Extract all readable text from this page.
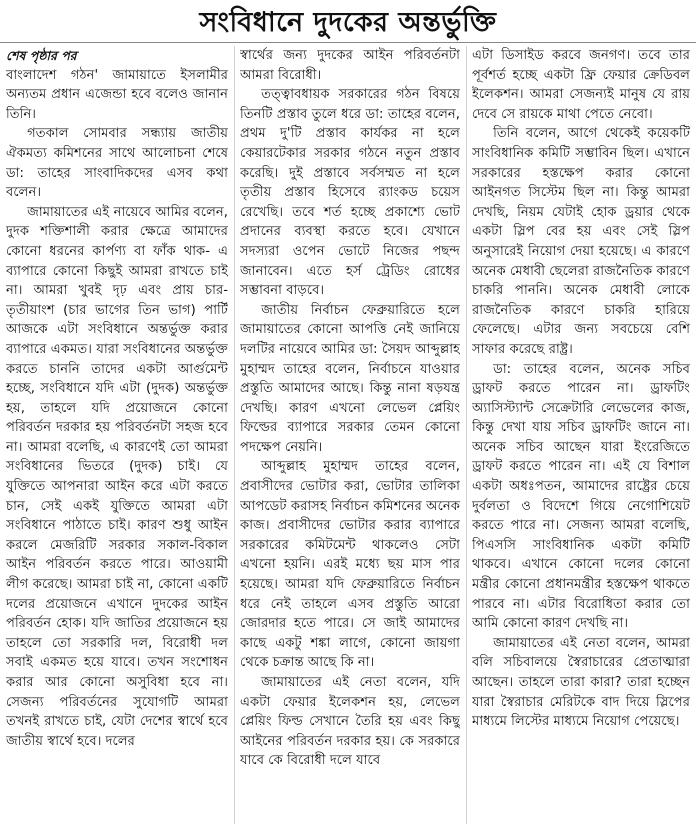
সংবিধানে দুদকের অন্তর্ভুক্তি

শেষ পৃষ্ঠার পর

বাংলাদেশ গঠন' জামায়াতে ইসলামীর অন্যতম প্রধান এজেন্ডা হবে বলেও জানান তিনি।

গতকাল সোমবার সন্ধ্যায় জাতীয় ঐকমত্য কমিশনের সাথে আলোচনা শেষে ডা: তাহের সাংবাদিকদের এসব কথা বলেন।

জামায়াতের এই নায়েবে আমির বলেন, দুদক শক্তিশালী করার ক্ষেত্রে আমাদের কোনো ধরনের কার্পণ্য বা ফাঁক থাক- এ ব্যাপারে কোনো কিছুই আমরা রাখতে চাই না। আমরা খুবই দৃঢ় এবং প্রায় চার- তৃতীয়াংশ (চার ভাগের তিন ভাগ) পার্টি আজকে এটা সংবিধানে অন্তর্ভুক্ত করার ব্যাপারে একমত। যারা সংবিধানের অন্তর্ভুক্ত করতে চাননি তাদের একটা আর্গুমেন্ট হচ্ছে, সংবিধানে যদি এটা (দুদক) অন্তর্ভুক্ত হয়, তাহলে যদি প্রয়োজনে কোনো পরিবর্তন দরকার হয় পরিবর্তনটা সহজ হবে না। আমরা বলেছি, এ কারণেই তো আমরা সংবিধানের ভিতরে (দুদক) চাই। যে যুক্তিতে আপনারা আইন করে এটা করতে চান, সেই একই যুক্তিতে আমরা এটা সংবিধানে পাঠাতে চাই। কারণ শুধু আইন করলে মেজরিটি সরকার সকাল-বিকাল আইন পরিবর্তন করতে পারে। আওয়ামী লীগ করেছে। আমরা চাই না, কোনো একটি দলের প্রয়োজনে এখানে দুদকের আইন পরিবর্তন হোক। যদি জাতির প্রয়োজনে হয় তাহলে তো সরকারি দল, বিরোধী দল সবাই একমত হয়ে যাবে। তখন সংশোধন করার আর কোনো অসুবিধা হবে না। সেজন্য পরিবর্তনের সুযোগটি আমরা তখনই রাখতে চাই, যেটা দেশের স্বার্থে হবে জাতীয় স্বার্থে হবে। দলের

স্বার্থের জন্য দুদকের আইন পরিবর্তনটা আমরা বিরোধী।

তত্ত্বাবধায়ক সরকারের গঠন বিষয়ে তিনটি প্রস্তাব তুলে ধরে ডা: তাহের বলেন, প্রথম দু'টি প্রস্তাব কার্যকর না হলে কেয়ারটেকার সরকার গঠনে নতুন প্রস্তাব করেছি। দুই প্রস্তাবে সর্বসম্মত না হলে তৃতীয় প্রস্তাব হিসেবে র‍্যাংকড চয়েস রেখেছি। তবে শর্ত হচ্ছে প্রকাশ্যে ভোট প্রদানের ব্যবস্থা করতে হবে। যেখানে সদস্যরা ওপেন ভোটে নিজের পছন্দ জানাবেন। এতে হর্স ট্রেডিং রোধের সম্ভাবনা বাড়বে।

জাতীয় নির্বাচন ফেব্রুয়ারিতে হলে জামায়াতের কোনো আপত্তি নেই জানিয়ে দলটির নায়েবে আমির ডা: সৈয়দ আব্দুল্লাহ মুহাম্মদ তাহের বলেন, নির্বাচনে যাওয়ার প্রস্তুতি আমাদের আছে। কিন্তু নানা ষড়যন্ত্র দেখছি। কারণ এখনো লেভেল প্লেয়িং ফিল্ডের ব্যাপারে সরকার তেমন কোনো পদক্ষেপ নেয়নি।

আব্দুল্লাহ মুহাম্মদ তাহের বলেন, প্রবাসীদের ভোটার করা, ভোটার তালিকা আপডেট করাসহ নির্বাচন কমিশনের অনেক কাজ। প্রবাসীদের ভোটার করার ব্যাপারে সরকারের কমিটমেন্ট থাকলেও সেটা এখনো হয়নি। এরই মধ্যে ছয় মাস পার হয়েছে। আমরা যদি ফেব্রুয়ারিতে নির্বাচন ধরে নেই তাহলে এসব প্রস্তুতি আরো জোরদার হতে পারে। সে জাই আমাদের কাছে একটু শঙ্কা লাগে, কোনো জায়গা থেকে চক্রান্ত আছে কি না।

জামায়াতের এই নেতা বলেন, যদি একটা ফেয়ার ইলেকশন হয়, লেভেল প্লেয়িং ফিল্ড সেখানে তৈরি হয় এবং কিছু আইনের পরিবর্তন দরকার হয়। কে সরকারে যাবে কে বিরোধী দলে যাবে

এটা ডিসাইড করবে জনগণ। তবে তার পূর্বশর্ত হচ্ছে একটা ফ্রি ফেয়ার ক্রেডিবল ইলেকশন। আমরা সেজন্যই মানুষ যে রায় দেবে সে রায়কে মাথা পেতে নেবো।

তিনি বলেন, আগে থেকেই কয়েকটি সাংবিধানিক কমিটি সম্ভাবিন ছিল। এখানে সরকারের হস্তক্ষেপ করার কোনো আইনগত সিস্টেম ছিল না। কিন্তু আমরা দেখছি, নিয়ম যেটাই হোক ড্রয়ার থেকে একটা স্লিপ বের হয় এবং সেই স্লিপ অনুসারেই নিয়োগ দেয়া হয়েছে। এ কারণে অনেক মেধাবী ছেলেরা রাজনৈতিক কারণে চাকরি পাননি। অনেক মেধাবী লোকে রাজনৈতিক কারণে চাকরি হারিয়ে ফেলেছে। এটার জন্য সবচেয়ে বেশি সাফার করেছে রাষ্ট্র।

ডা: তাহের বলেন, অনেক সচিব ড্রাফট করতে পারেন না। ড্রাফটিং অ্যাসিস্ট্যান্ট সেক্রেটারি লেভেলের কাজ, কিন্তু দেখা যায় সচিব ড্রাফটিং জানে না। অনেক সচিব আছেন যারা ইংরেজিতে ড্রাফট করতে পারেন না। এই যে বিশাল একটা অধঃপতন, আমাদের রাষ্ট্রের চেয়ে দুর্বলতা ও বিদেশে গিয়ে নেগোশিয়েট করতে পারে না। সেজন্য আমরা বলেছি, পিএসসি সাংবিধানিক একটা কমিটি থাকবে। এখানে কোনো দলের কোনো মন্ত্রীর কোনো প্রধানমন্ত্রীর হস্তক্ষেপ থাকতে পারবে না। এটার বিরোধিতা করার তো আমি কোনো কারণ দেখছি না।

জামায়াতের এই নেতা বলেন, আমরা বলি সচিবালয়ে স্বৈরাচারের প্রেতাত্মারা আছেন। তাহলে তারা কারা? তারা হচ্ছেন যারা স্বৈরাচার মেরিটকে বাদ দিয়ে স্লিপের মাধ্যমে লিস্টের মাধ্যমে নিয়োগ পেয়েছে।
